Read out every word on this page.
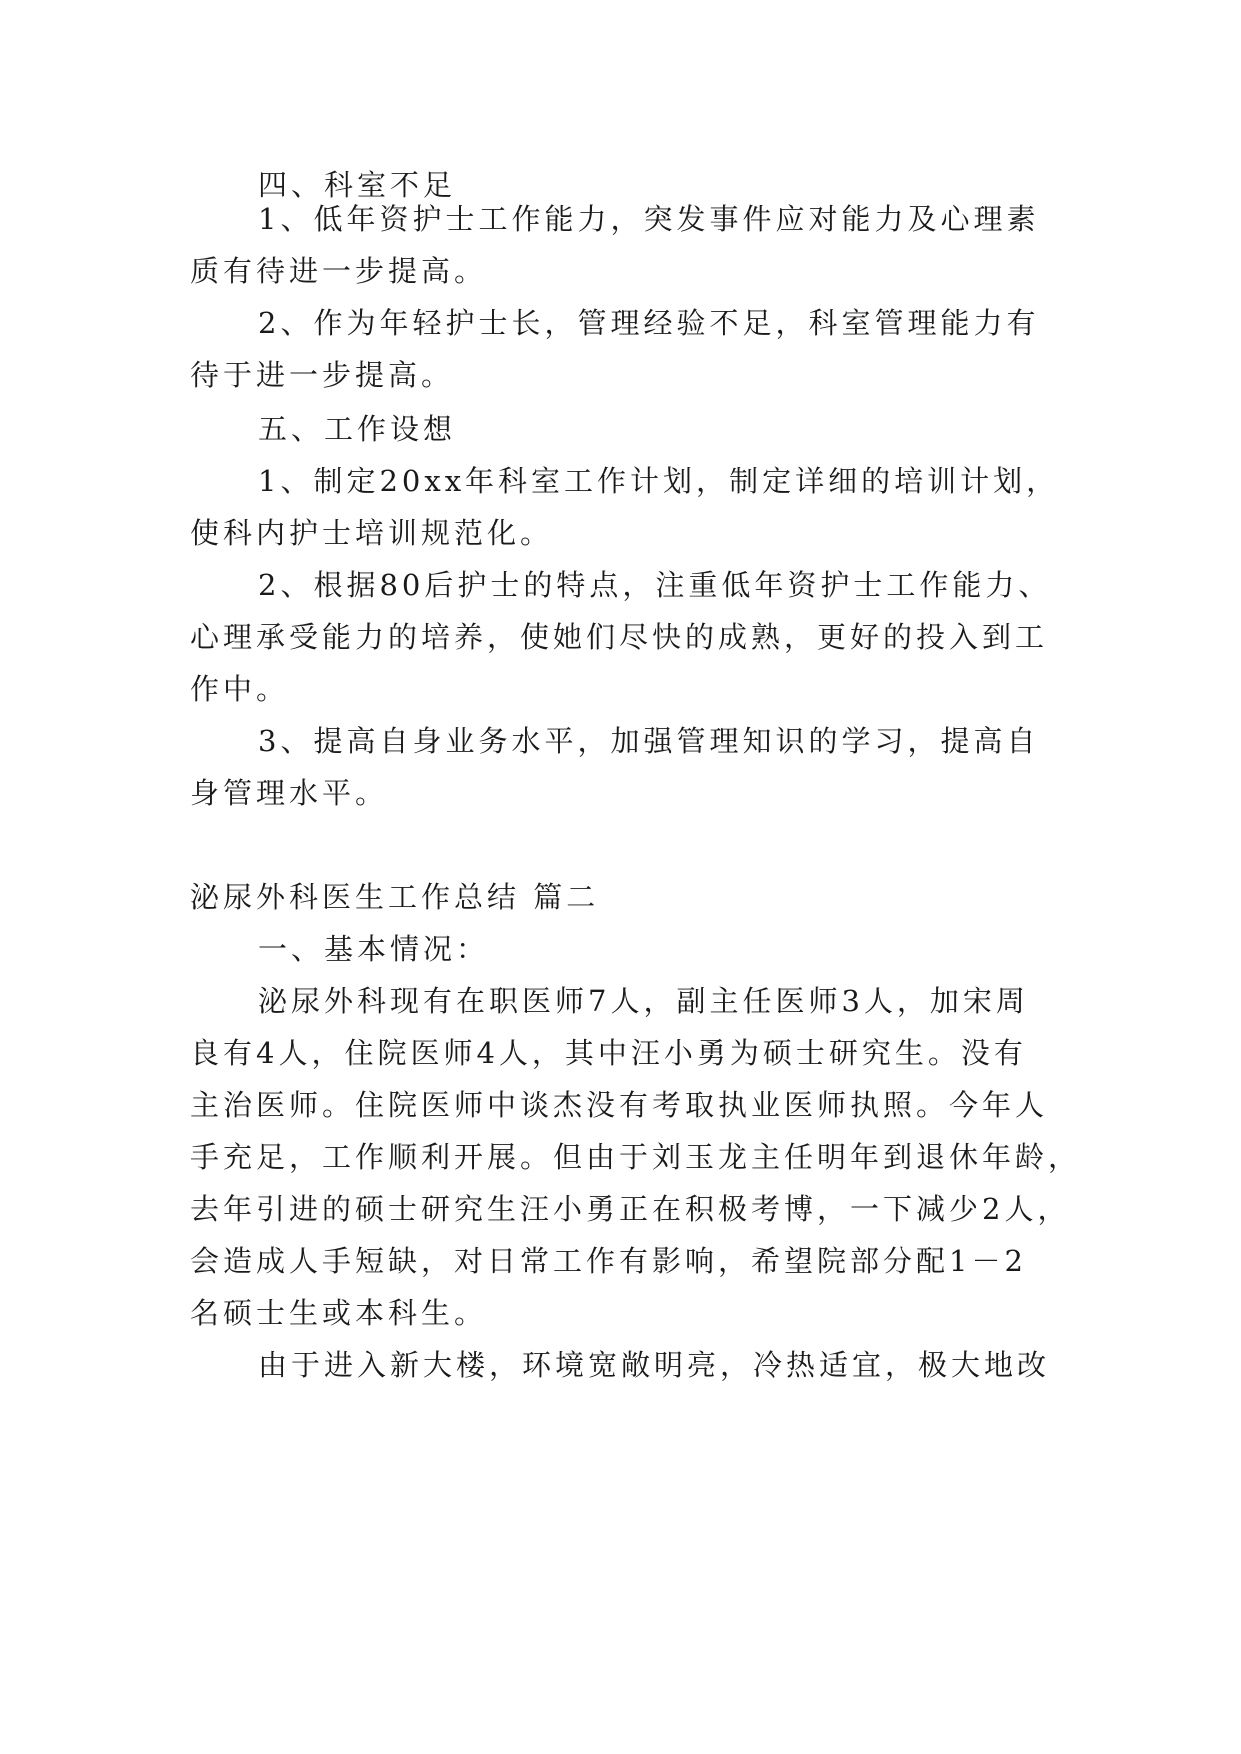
四、科室不足
1、低年资护士工作能力，突发事件应对能力及心理素
质有待进一步提高。
2、作为年轻护士长，管理经验不足，科室管理能力有
待于进一步提高。
五、工作设想
1、制定20xx年科室工作计划，制定详细的培训计划，
使科内护士培训规范化。
2、根据80后护士的特点，注重低年资护士工作能力、
心理承受能力的培养，使她们尽快的成熟，更好的投入到工
作中。
3、提高自身业务水平，加强管理知识的学习，提高自
身管理水平。
泌尿外科医生工作总结 篇二
一、基本情况：
泌尿外科现有在职医师7人，副主任医师3人，加宋周
良有4人，住院医师4人，其中汪小勇为硕士研究生。没有
主治医师。住院医师中谈杰没有考取执业医师执照。今年人
手充足，工作顺利开展。但由于刘玉龙主任明年到退休年龄，
去年引进的硕士研究生汪小勇正在积极考博，一下减少2人，
会造成人手短缺，对日常工作有影响，希望院部分配1－2
名硕士生或本科生。
由于进入新大楼，环境宽敞明亮，冷热适宜，极大地改
